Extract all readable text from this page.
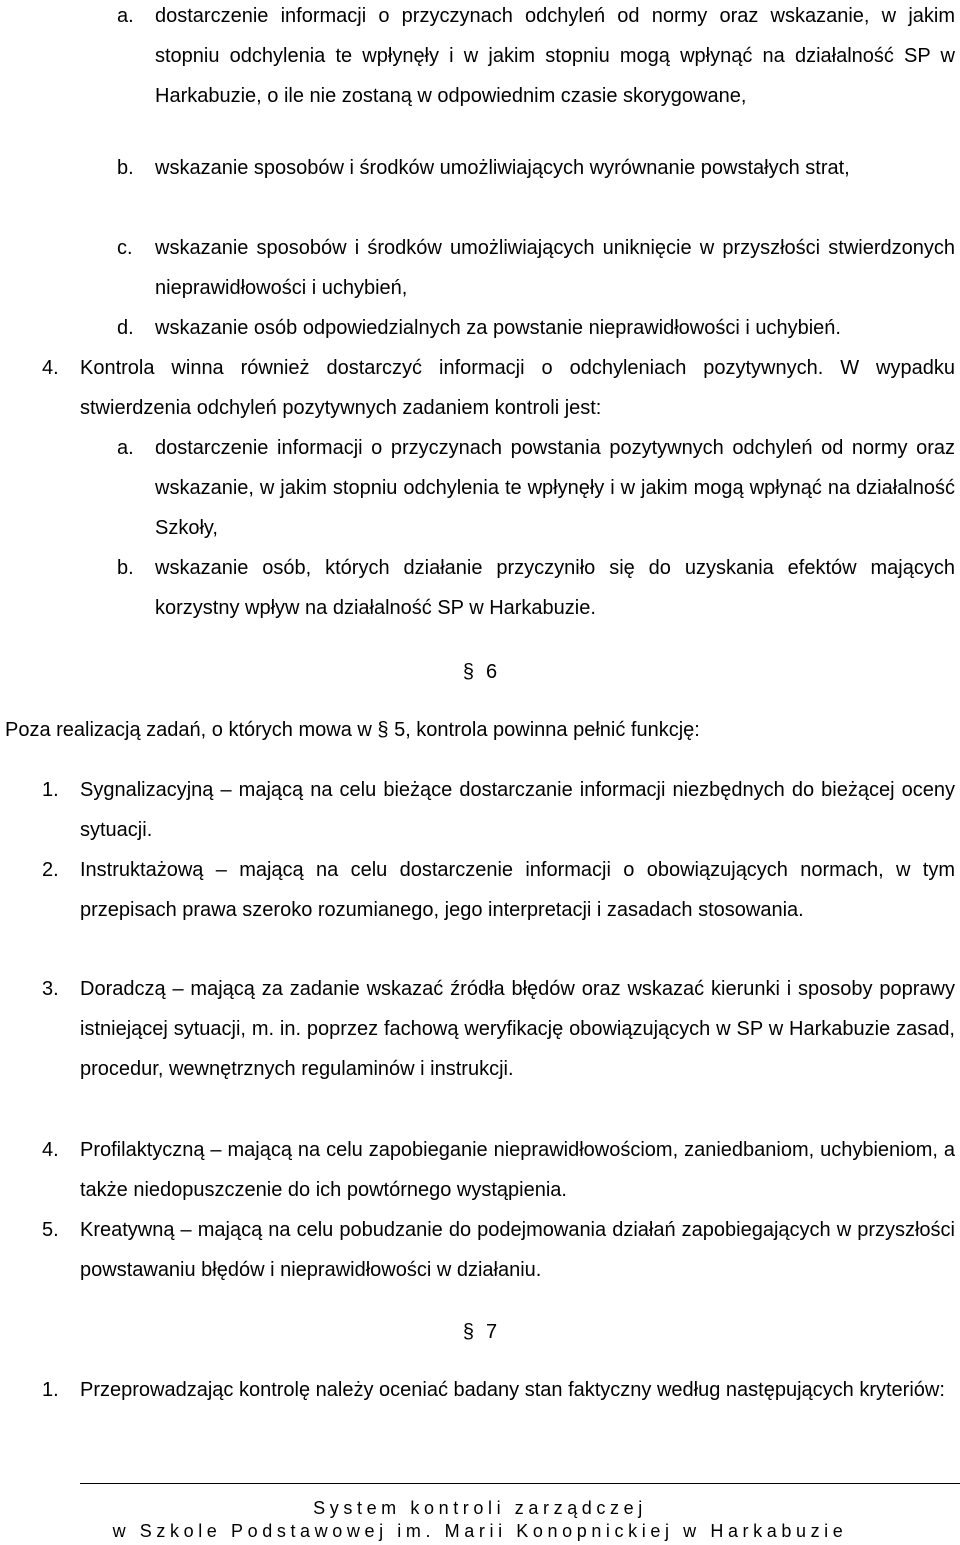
a. dostarczenie informacji o przyczynach odchyleń od normy oraz wskazanie, w jakim stopniu odchylenia te wpłynęły i w jakim stopniu mogą wpłynąć na działalność SP w Harkabuzie, o ile nie zostaną w odpowiednim czasie skorygowane,
b. wskazanie sposobów i środków umożliwiających wyrównanie powstałych strat,
c. wskazanie sposobów i środków umożliwiających uniknięcie w przyszłości stwierdzonych nieprawidłowości i uchybień,
d. wskazanie osób odpowiedzialnych za powstanie nieprawidłowości i uchybień.
4. Kontrola winna również dostarczyć informacji o odchyleniach pozytywnych. W wypadku stwierdzenia odchyleń pozytywnych zadaniem kontroli jest:
a. dostarczenie informacji o przyczynach powstania pozytywnych odchyleń od normy oraz wskazanie, w jakim stopniu odchylenia te wpłynęły i w jakim mogą wpłynąć na działalność Szkoły,
b. wskazanie osób, których działanie przyczyniło się do uzyskania efektów mających korzystny wpływ na działalność SP w Harkabuzie.
§ 6
Poza realizacją zadań, o których mowa w § 5, kontrola powinna pełnić funkcję:
1. Sygnalizacyjną – mającą na celu bieżące dostarczanie informacji niezbędnych do bieżącej oceny sytuacji.
2. Instruktażową – mającą na celu dostarczenie informacji o obowiązujących normach, w tym przepisach prawa szeroko rozumianego, jego interpretacji i zasadach stosowania.
3. Doradczą – mającą za zadanie wskazać źródła błędów oraz wskazać kierunki i sposoby poprawy istniejącej sytuacji, m. in. poprzez fachową weryfikację obowiązujących w SP w Harkabuzie zasad, procedur, wewnętrznych regulaminów i instrukcji.
4. Profilaktyczną – mającą na celu zapobieganie nieprawidłowościom, zaniedbaniom, uchybieniom, a także niedopuszczenie do ich powtórnego wystąpienia.
5. Kreatywną – mającą na celu pobudzanie do podejmowania działań zapobiegających w przyszłości powstawaniu błędów i nieprawidłowości w działaniu.
§ 7
1. Przeprowadzając kontrolę należy oceniać badany stan faktyczny według następujących kryteriów:
System kontroli zarządczej
w Szkole Podstawowej im. Marii Konopnickiej w Harkabuzie
